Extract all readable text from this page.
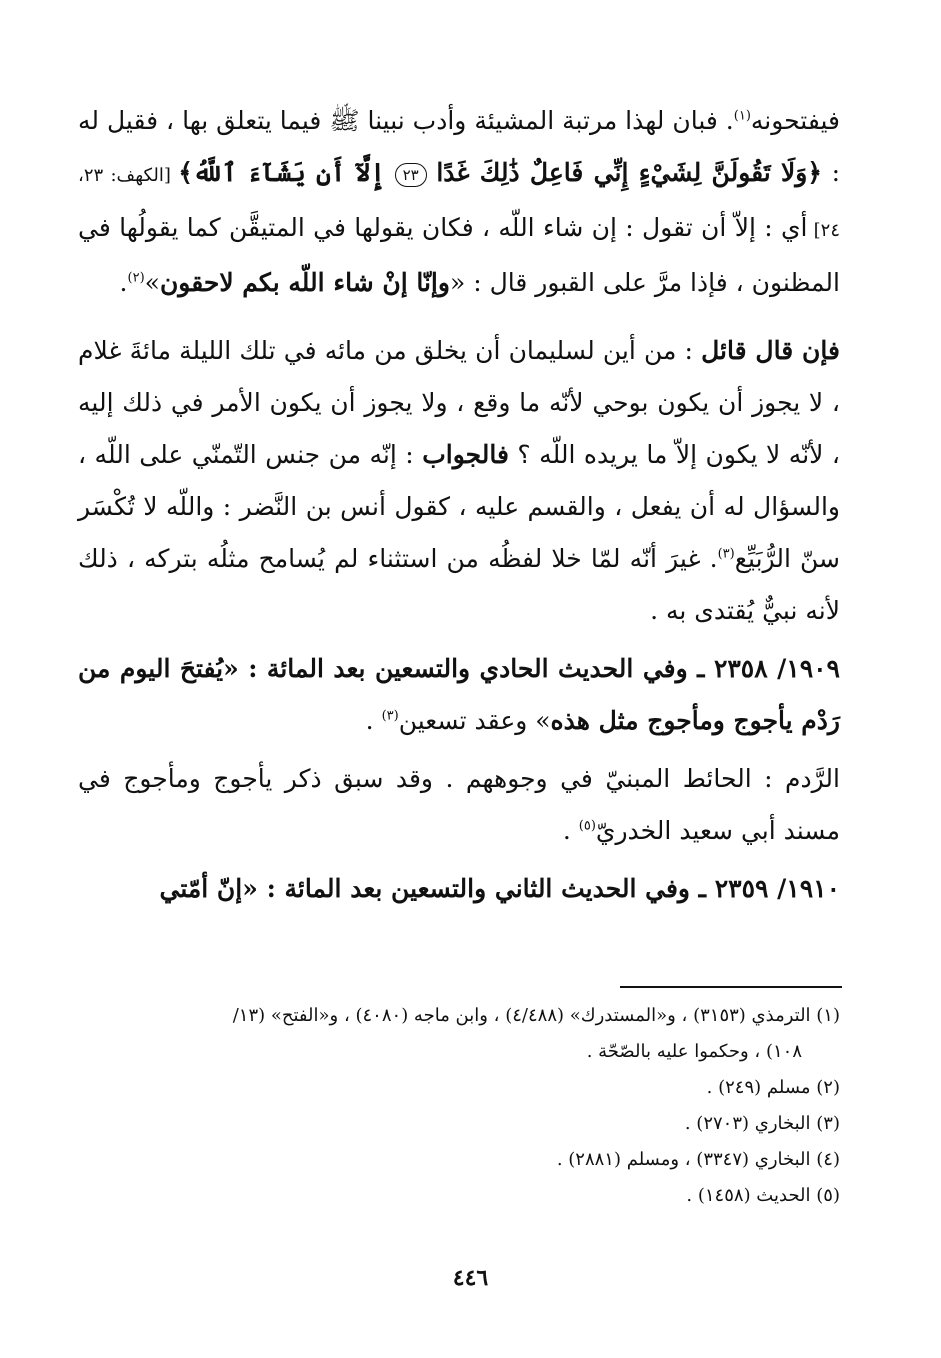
فيفتحونه$^{(١)}$. فبان لهذا مرتبة المشيئة وأدب نبينا ﷺ فيما يتعلق بها ، فقيل له : ﴿وَلَا تَقُولَنَّ لِشَيْءٍ إِنِّي فَاعِلٌ ذَٰلِكَ غَدًا ٢٣ إِلَّآ أَن يَشَآءَ ٱللَّهُ﴾ [الكهف: ٢٣، ٢٤] أي : إلاّ أن تقول : إن شاء اللّه ، فكان يقولها في المتيقَّن كما يقولُها في المظنون ، فإذا مرَّ على القبور قال : «وإنّا إنْ شاء اللّه بكم لاحقون»$^{(٢)}$.

فإن قال قائل : من أين لسليمان أن يخلق من مائه في تلك الليلة مائةَ غلام ، لا يجوز أن يكون بوحي لأنّه ما وقع ، ولا يجوز أن يكون الأمر في ذلك إليه ، لأنّه لا يكون إلاّ ما يريده اللّه ؟ فالجواب : إنّه من جنس التّمنّي على اللّه ، والسؤال له أن يفعل ، والقسم عليه ، كقول أنس بن النَّضر : واللّه لا تُكْسَر سنّ الرُّبَيِّع$^{(٣)}$. غيرَ أنّه لمّا خلا لفظُه من استثناء لم يُسامح مثلُه بتركه ، ذلك لأنه نبيٌّ يُقتدى به .

١٩٠٩/ ٢٣٥٨ ـ وفي الحديث الحادي والتسعين بعد المائة : «يُفتحَ اليوم من رَدْم يأجوج ومأجوج مثل هذه» وعقد تسعين$^{(٣)}$ .

الرَّدم : الحائط المبنيّ في وجوههم . وقد سبق ذكر يأجوج ومأجوج في مسند أبي سعيد الخدريّ$^{(٥)}$ .

١٩١٠/ ٢٣٥٩ ـ وفي الحديث الثاني والتسعين بعد المائة : «إنّ أمّتي

(١) الترمذي (٣١٥٣) ، و«المستدرك» (٤/٤٨٨) ، وابن ماجه (٤٠٨٠) ، و«الفتح» (١٣/

١٠٨) ، وحكموا عليه بالصّحّة .

(٢) مسلم (٢٤٩) .

(٣) البخاري (٢٧٠٣) .

(٤) البخاري (٣٣٤٧) ، ومسلم (٢٨٨١) .

(٥) الحديث (١٤٥٨) .

٤٤٦
